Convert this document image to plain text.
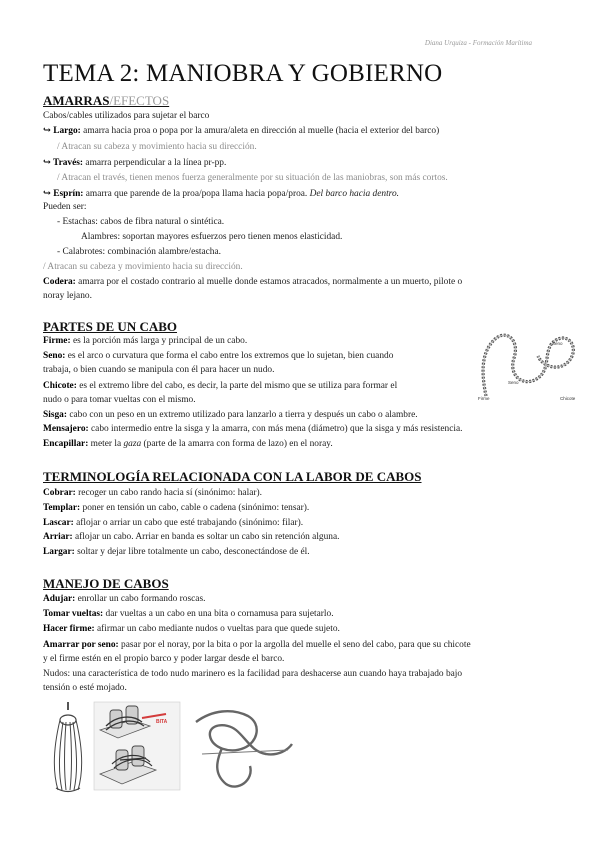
Diana Urquiza - Formación Marítima
TEMA 2: MANIOBRA Y GOBIERNO
AMARRAS/EFECTOS
Cabos/cables utilizados para sujetar el barco
↪ Largo: amarra hacia proa o popa por la amura/aleta en dirección al muelle (hacia el exterior del barco)
/ Atracan su cabeza y movimiento hacia su dirección.
↪ Través: amarra perpendicular a la línea pr-pp.
/ Atracan el través, tienen menos fuerza generalmente por su situación de las maniobras, son más cortos.
↪ Esprín: amarra que parende de la proa/popa llama hacia popa/proa. Del barco hacia dentro.
Pueden ser:
- Estachas: cabos de fibra natural o sintética.
Alambres: soportan mayores esfuerzos pero tienen menos elasticidad.
- Calabrotes: combinación alambre/estacha.
/ Atracan su cabeza y movimiento hacia su dirección.
Codera: amarra por el costado contrario al muelle donde estamos atracados, normalmente a un muerto, pilote o
noray lejano.
PARTES DE UN CABO
Firme: es la porción más larga y principal de un cabo.
Seno: es el arco o curvatura que forma el cabo entre los extremos que lo sujetan, bien cuando
trabaja, o bien cuando se manipula con él para hacer un nudo.
Chicote: es el extremo libre del cabo, es decir, la parte del mismo que se utiliza para formar el
nudo o para tomar vueltas con el mismo.
Sisga: cabo con un peso en un extremo utilizado para lanzarlo a tierra y después un cabo o alambre.
Mensajero: cabo intermedio entre la sisga y la amarra, con más mena (diámetro) que la sisga y más resistencia.
Encapillar: meter la gaza (parte de la amarra con forma de lazo) en el noray.
Seno
Seno
Firme	Chicote
TERMINOLOGÍA RELACIONADA CON LA LABOR DE CABOS
Cobrar: recoger un cabo rando hacia sí (sinónimo: halar).
Templar: poner en tensión un cabo, cable o cadena (sinónimo: tensar).
Lascar: aflojar o arriar un cabo que esté trabajando (sinónimo: filar).
Arriar: aflojar un cabo. Arriar en banda es soltar un cabo sin retención alguna.
Largar: soltar y dejar libre totalmente un cabo, desconectándose de él.
MANEJO DE CABOS
Adujar: enrollar un cabo formando roscas.
Tomar vueltas: dar vueltas a un cabo en una bita o cornamusa para sujetarlo.
Hacer firme: afirmar un cabo mediante nudos o vueltas para que quede sujeto.
Amarrar por seno: pasar por el noray, por la bita o por la argolla del muelle el seno del cabo, para que su chicote
y el firme estén en el propio barco y poder largar desde el barco.
Nudos: una característica de todo nudo marinero es la facilidad para deshacerse aun cuando haya trabajado bajo
tensión o esté mojado.
BITA
